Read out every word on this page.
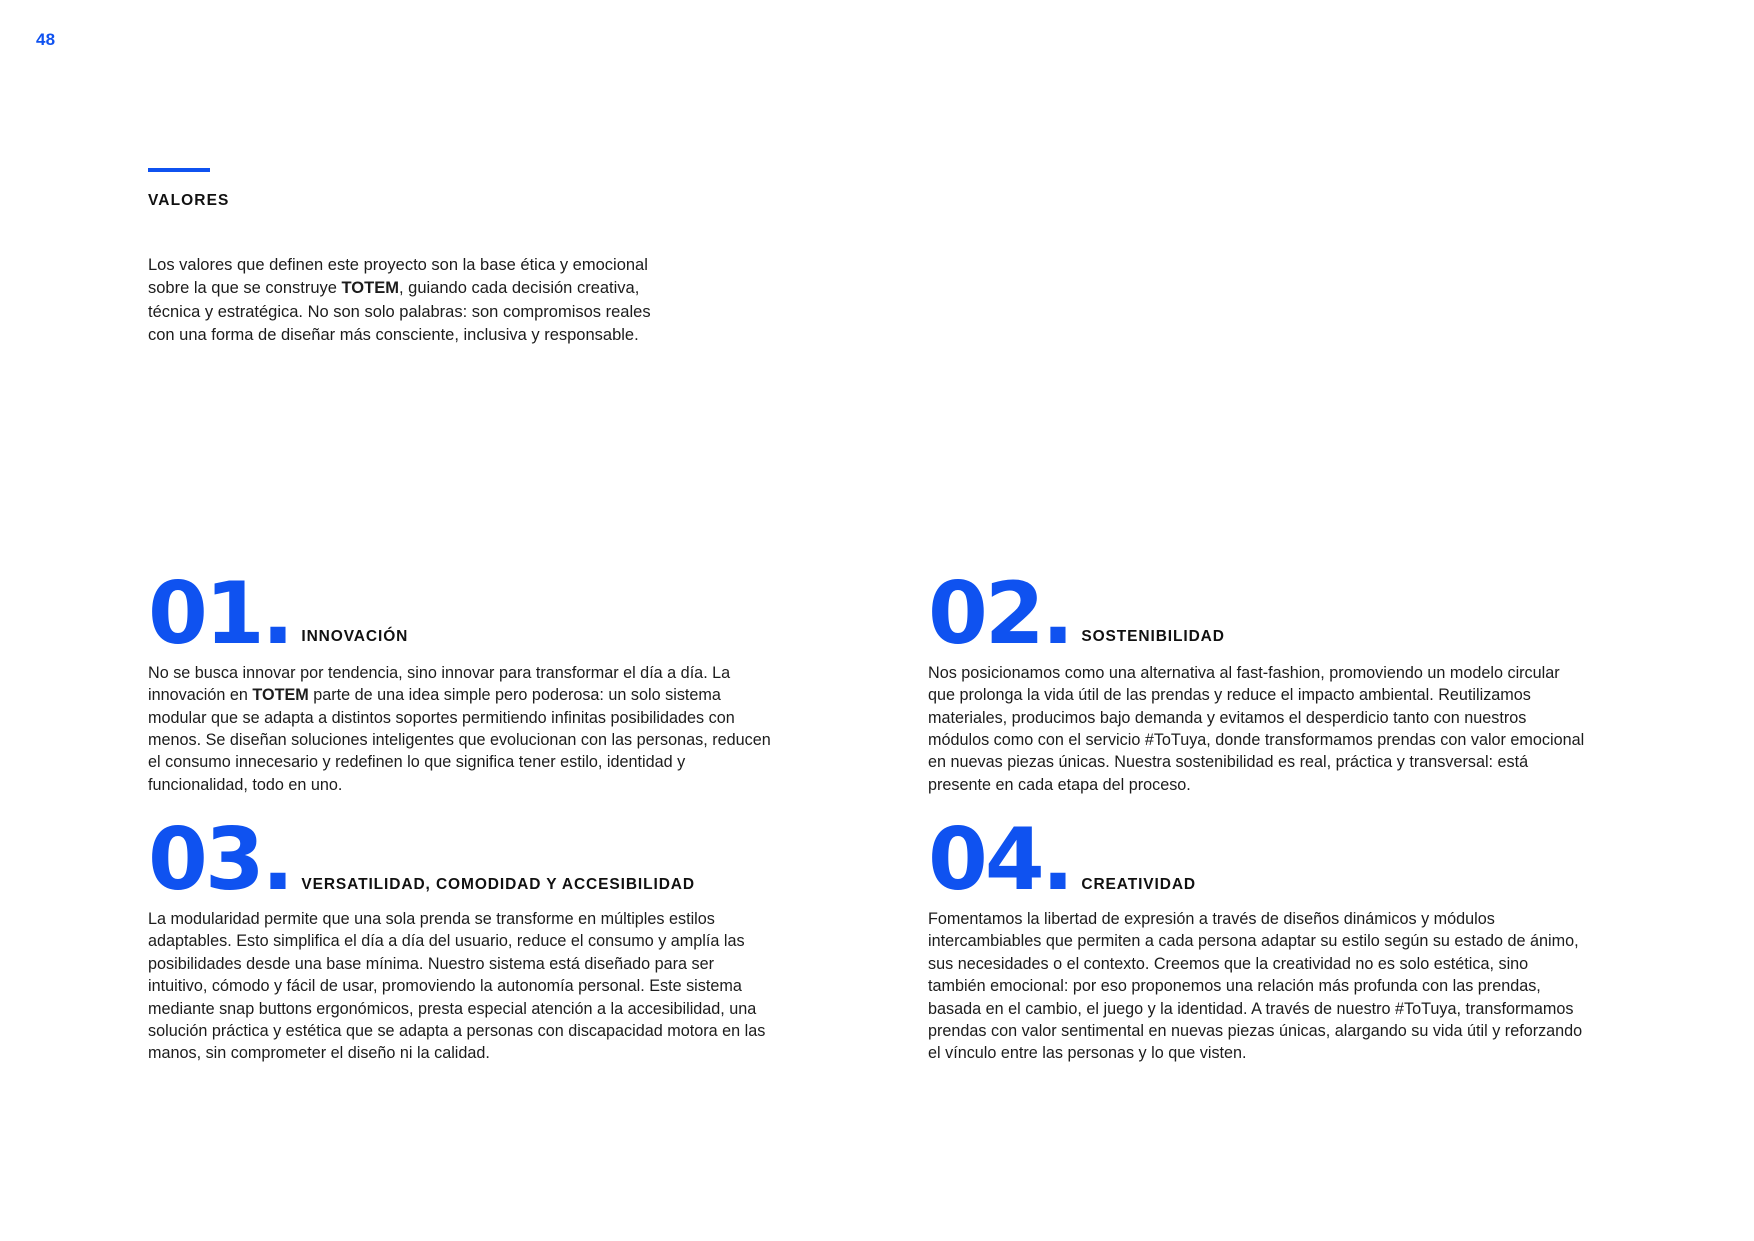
48
VALORES
Los valores que definen este proyecto son la base ética y emocional sobre la que se construye TOTEM, guiando cada decisión creativa, técnica y estratégica. No son solo palabras: son compromisos reales con una forma de diseñar más consciente, inclusiva y responsable.
01. INNOVACIÓN
No se busca innovar por tendencia, sino innovar para transformar el día a día. La innovación en TOTEM parte de una idea simple pero poderosa: un solo sistema modular que se adapta a distintos soportes permitiendo infinitas posibilidades con menos. Se diseñan soluciones inteligentes que evolucionan con las personas, reducen el consumo innecesario y redefinen lo que significa tener estilo, identidad y funcionalidad, todo en uno.
02. SOSTENIBILIDAD
Nos posicionamos como una alternativa al fast-fashion, promoviendo un modelo circular que prolonga la vida útil de las prendas y reduce el impacto ambiental. Reutilizamos materiales, producimos bajo demanda y evitamos el desperdicio tanto con nuestros módulos como con el servicio #ToTuya, donde transformamos prendas con valor emocional en nuevas piezas únicas. Nuestra sostenibilidad es real, práctica y transversal: está presente en cada etapa del proceso.
03. VERSATILIDAD, COMODIDAD Y ACCESIBILIDAD
La modularidad permite que una sola prenda se transforme en múltiples estilos adaptables. Esto simplifica el día a día del usuario, reduce el consumo y amplía las posibilidades desde una base mínima. Nuestro sistema está diseñado para ser intuitivo, cómodo y fácil de usar, promoviendo la autonomía personal. Este sistema mediante snap buttons ergonómicos, presta especial atención a la accesibilidad, una solución práctica y estética que se adapta a personas con discapacidad motora en las manos, sin comprometer el diseño ni la calidad.
04. CREATIVIDAD
Fomentamos la libertad de expresión a través de diseños dinámicos y módulos intercambiables que permiten a cada persona adaptar su estilo según su estado de ánimo, sus necesidades o el contexto. Creemos que la creatividad no es solo estética, sino también emocional: por eso proponemos una relación más profunda con las prendas, basada en el cambio, el juego y la identidad. A través de nuestro #ToTuya, transformamos prendas con valor sentimental en nuevas piezas únicas, alargando su vida útil y reforzando el vínculo entre las personas y lo que visten.
